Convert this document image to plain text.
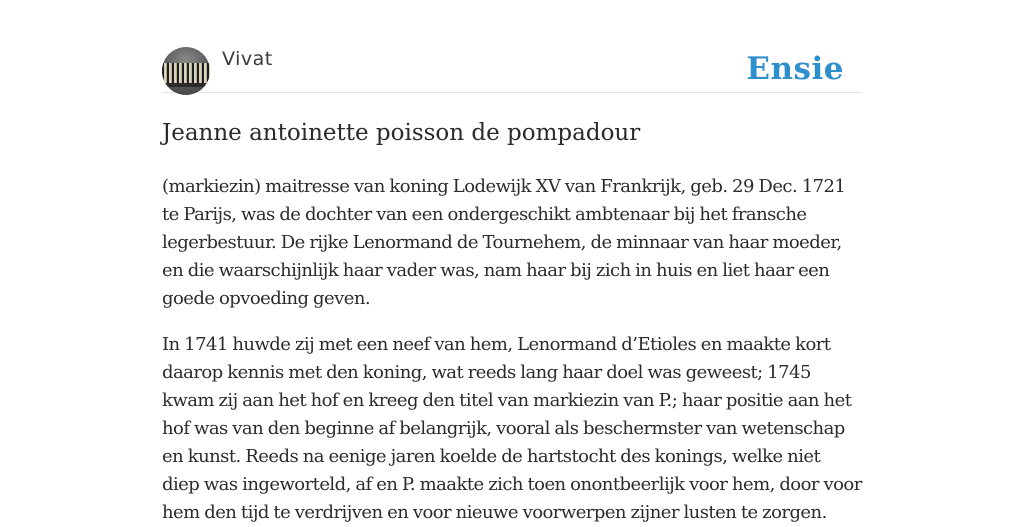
Vivat	Ensie
Jeanne antoinette poisson de pompadour

(markiezin) maitresse van koning Lodewijk XV van Frankrijk, geb. 29 Dec. 1721 te Parijs, was de dochter van een ondergeschikt ambtenaar bij het fransche legerbestuur. De rijke Lenormand de Tournehem, de minnaar van haar moeder, en die waarschijnlijk haar vader was, nam haar bij zich in huis en liet haar een goede opvoeding geven.

In 1741 huwde zij met een neef van hem, Lenormand d’Etioles en maakte kort daarop kennis met den koning, wat reeds lang haar doel was geweest; 1745 kwam zij aan het hof en kreeg den titel van markiezin van P.; haar positie aan het hof was van den beginne af belangrijk, vooral als beschermster van wetenschap en kunst. Reeds na eenige jaren koelde de hartstocht des konings, welke niet diep was ingeworteld, af en P. maakte zich toen onontbeerlijk voor hem, door voor hem den tijd te verdrijven en voor nieuwe voorwerpen zijner lusten te zorgen.
